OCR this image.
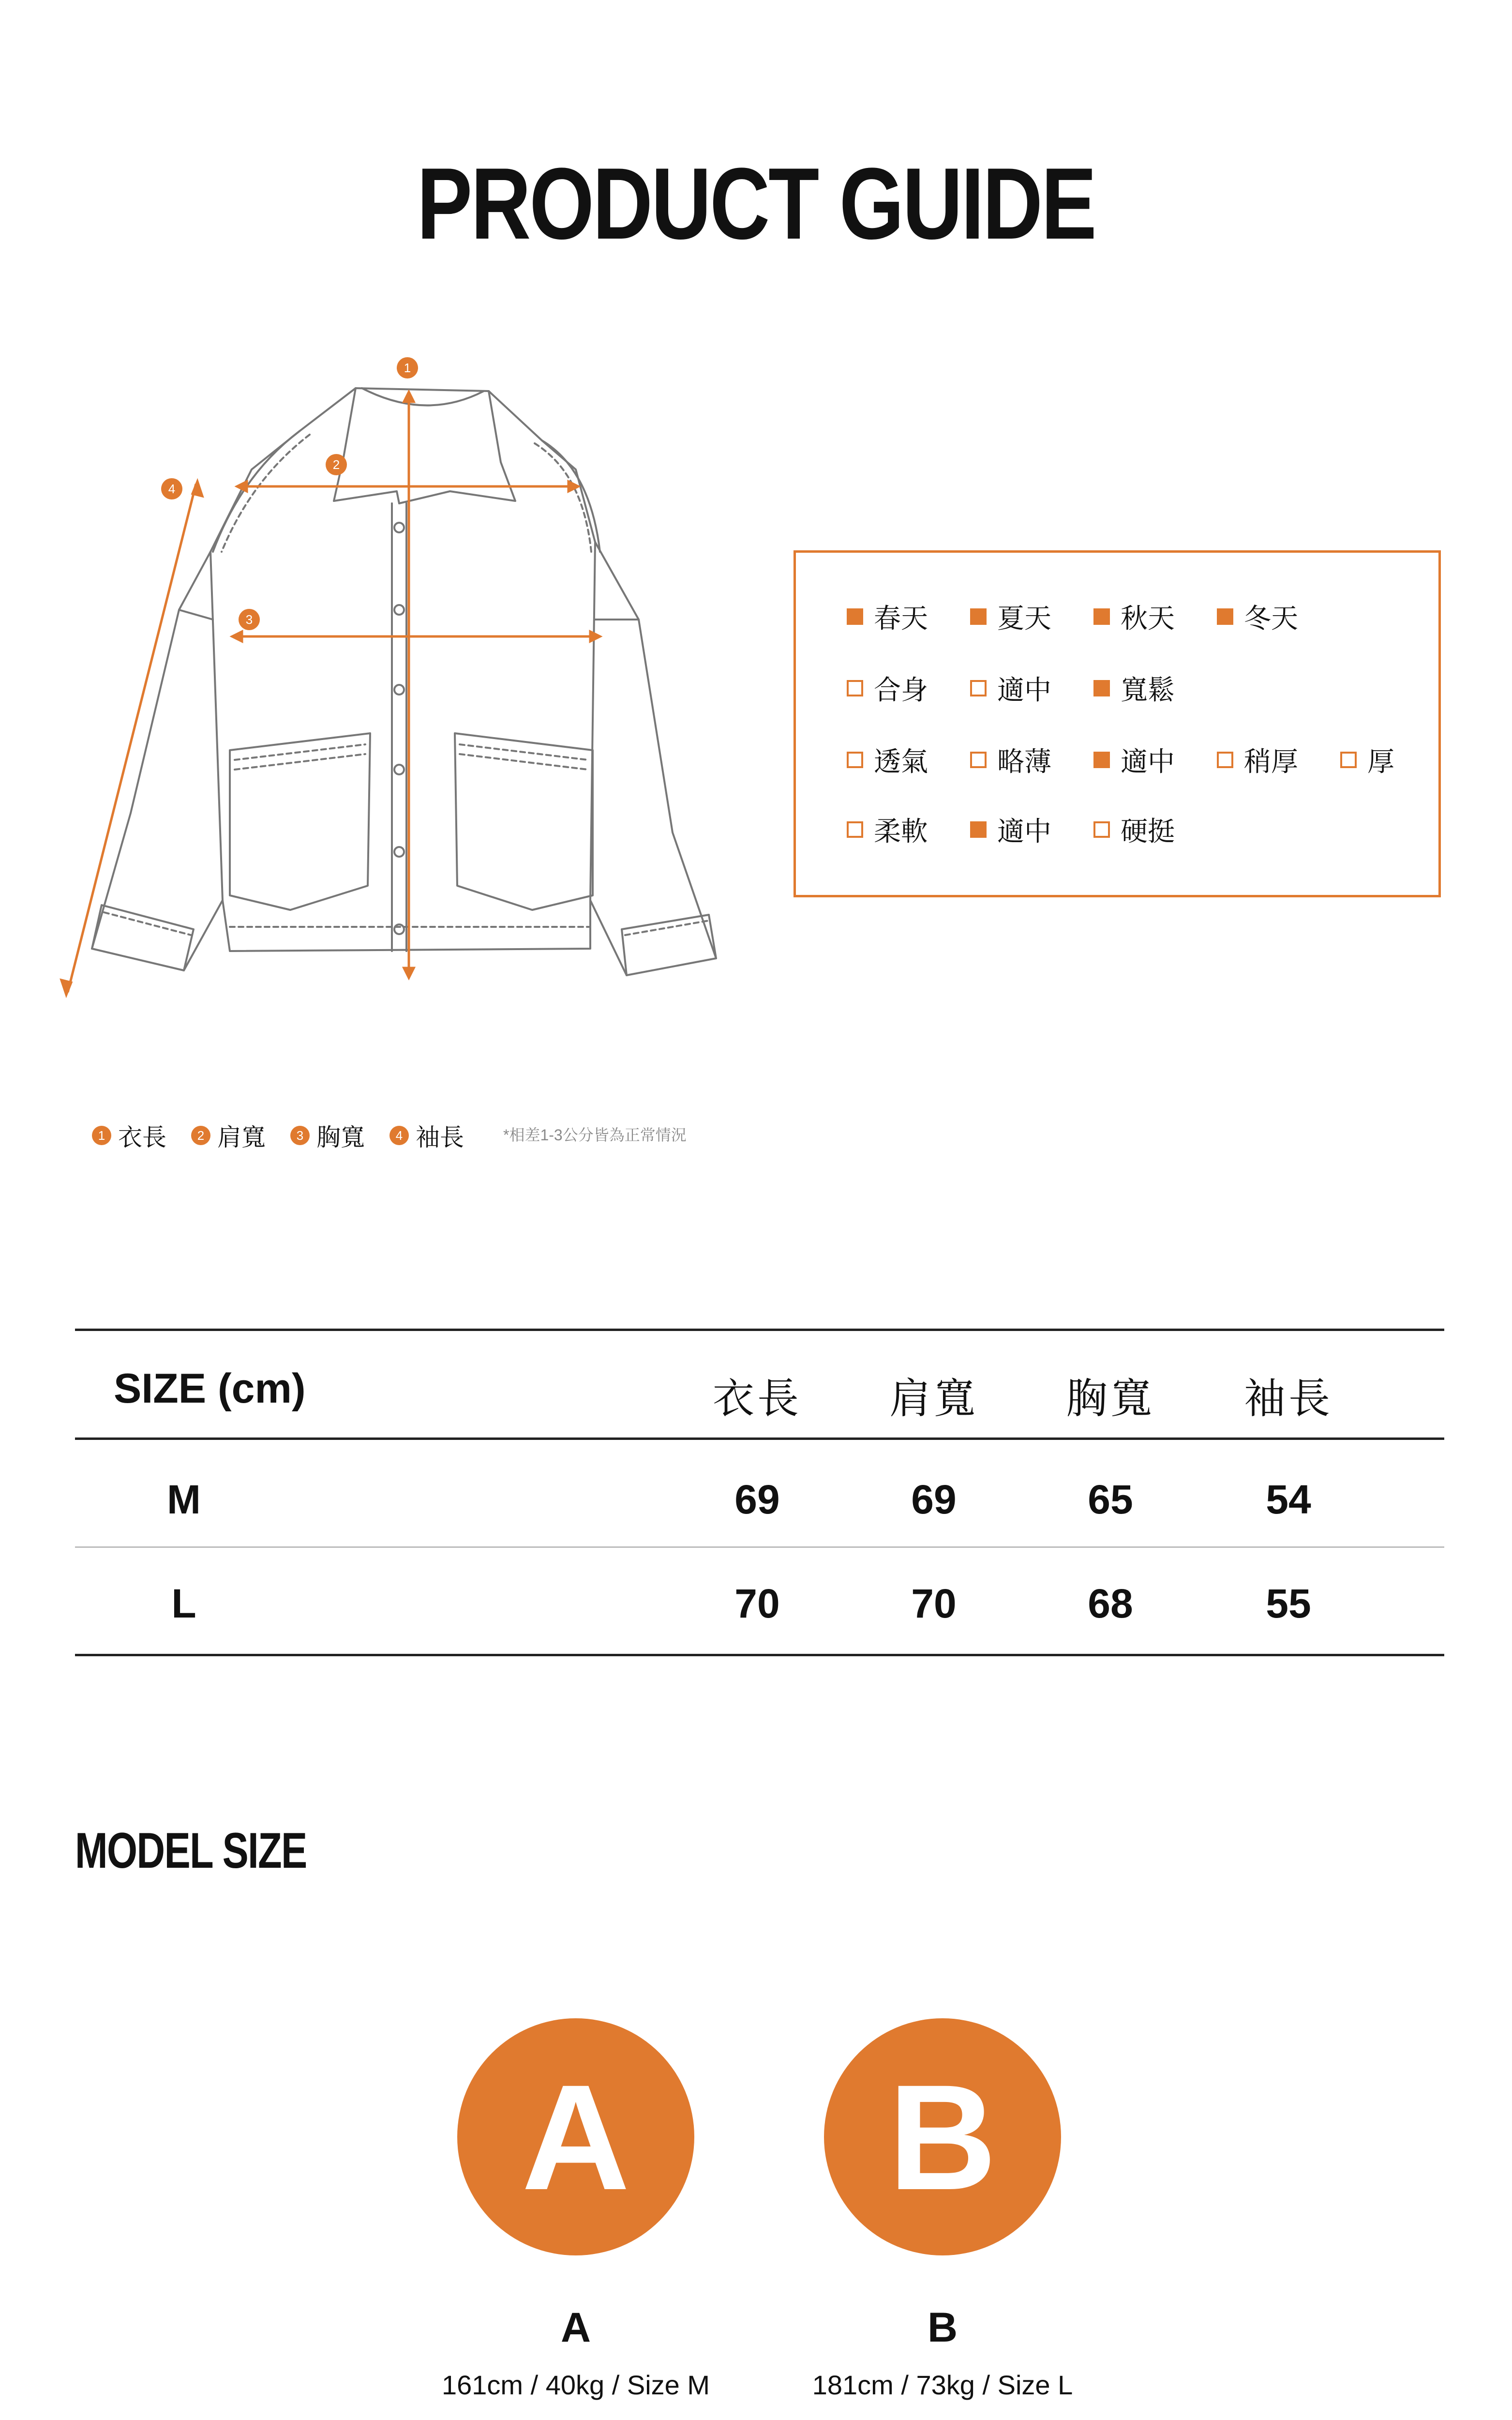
PRODUCT GUIDE
1
2
3
4
春天	夏天	秋天	冬天
合身	適中	寬鬆
透氣	略薄	適中	稍厚	厚
柔軟	適中	硬挺
1 衣長	2 肩寬	3 胸寬	4 袖長	*相差1-3公分皆為正常情況
SIZE (cm)	衣長	肩寬	胸寬	袖長
M	69	69	65	54
L	70	70	68	55
MODEL SIZE
A	B
A	B
161cm / 40kg / Size M	181cm / 73kg / Size L
